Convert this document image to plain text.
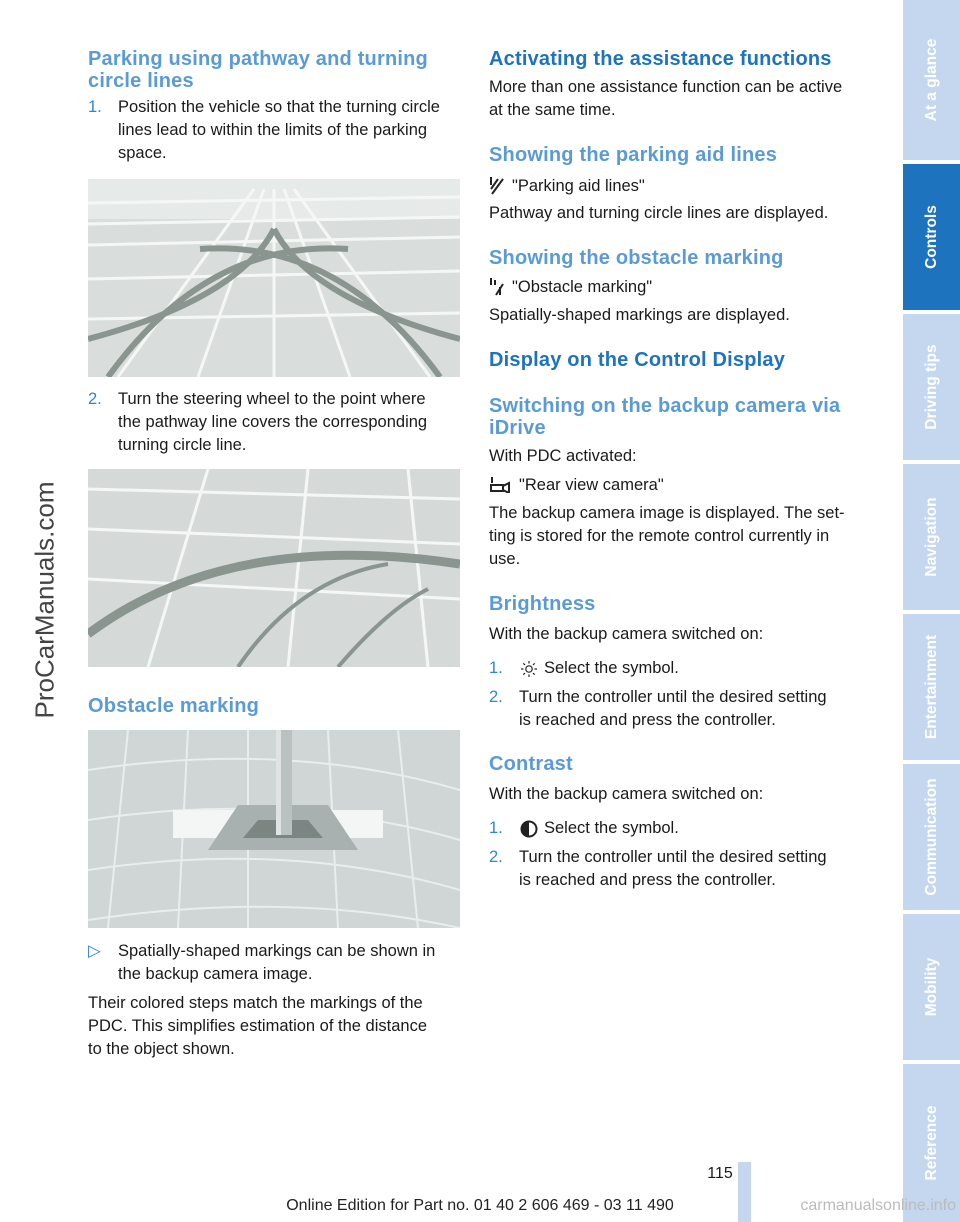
Parking using pathway and turning
circle lines
1. Position the vehicle so that the turning circle
lines lead to within the limits of the parking
space.
2. Turn the steering wheel to the point where
the pathway line covers the corresponding
turning circle line.
Obstacle marking
▷ Spatially-shaped markings can be shown in
the backup camera image.
Their colored steps match the markings of the
PDC. This simplifies estimation of the distance
to the object shown.
Activating the assistance functions
More than one assistance function can be active
at the same time.
Showing the parking aid lines
"Parking aid lines"
Pathway and turning circle lines are displayed.
Showing the obstacle marking
"Obstacle marking"
Spatially-shaped markings are displayed.
Display on the Control Display
Switching on the backup camera via
iDrive
With PDC activated:
"Rear view camera"
The backup camera image is displayed. The set-
ting is stored for the remote control currently in
use.
Brightness
With the backup camera switched on:
1. Select the symbol.
2. Turn the controller until the desired setting
is reached and press the controller.
Contrast
With the backup camera switched on:
1. Select the symbol.
2. Turn the controller until the desired setting
is reached and press the controller.
At a glance
Controls
Driving tips
Navigation
Entertainment
Communication
Mobility
Reference
ProCarManuals.com
115
Online Edition for Part no. 01 40 2 606 469 - 03 11 490	carmanualsonline.info
